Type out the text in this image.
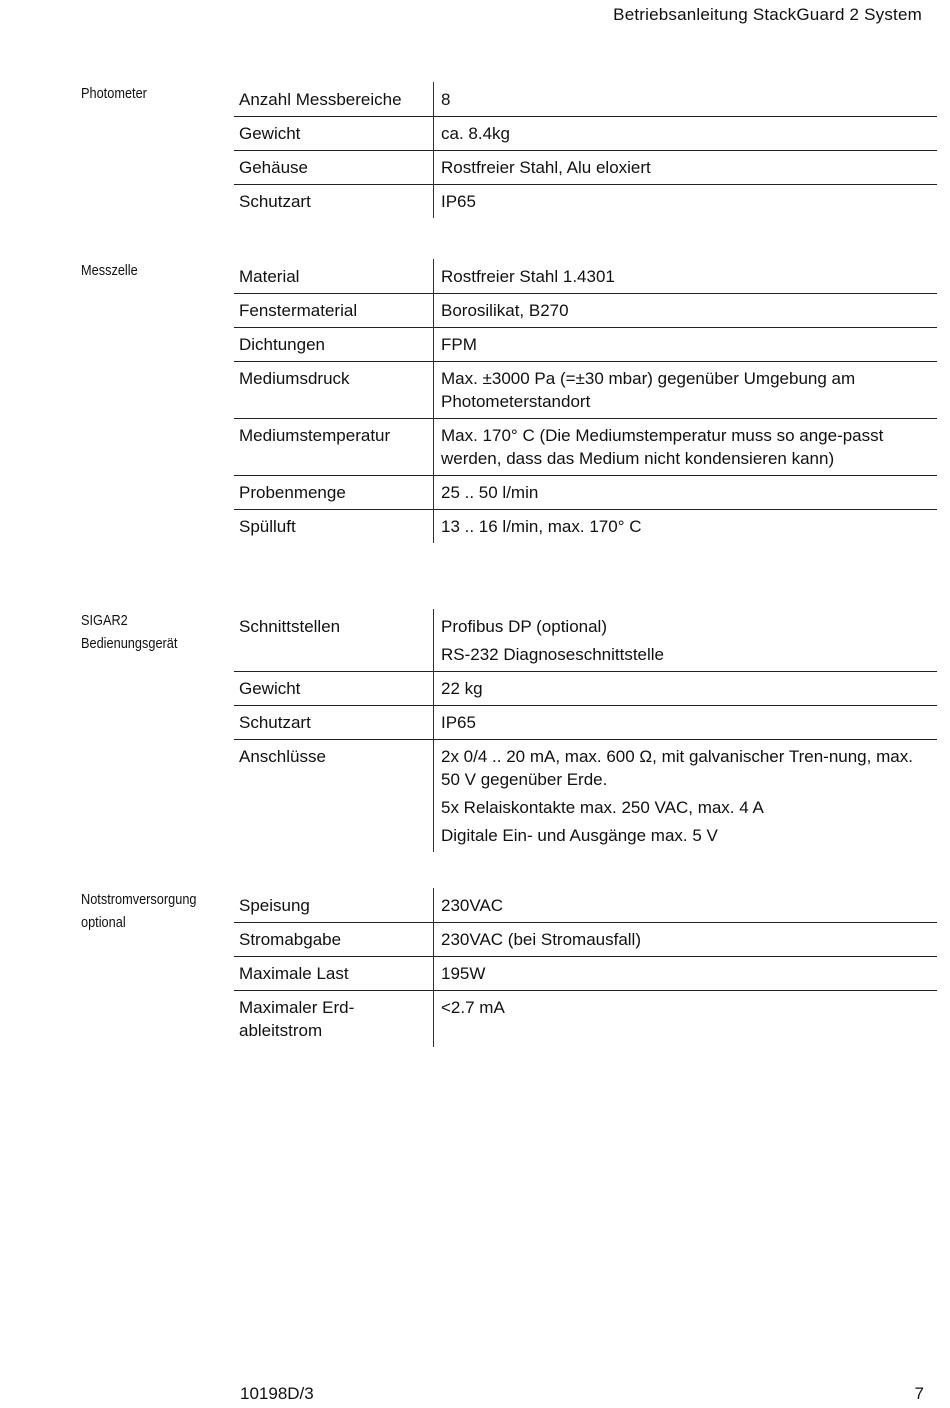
Betriebsanleitung StackGuard 2 System
Photometer	Anzahl Messbereiche	8

Gewicht	ca. 8.4kg

Gehäuse	Rostfreier Stahl, Alu eloxiert

Schutzart	IP65

Messzelle	Material	Rostfreier Stahl 1.4301

Fenstermaterial	Borosilikat, B270

Dichtungen	FPM

Mediumsdruck	Max. ±3000 Pa (=±30 mbar) gegenüber Umgebung am Photometerstandort

Mediumstemperatur	Max. 170° C (Die Mediumstemperatur muss so ange-passt werden, dass das Medium nicht kondensieren kann)

Probenmenge	25 .. 50 l/min

Spülluft	13 .. 16 l/min, max. 170° C

SIGAR2
Bedienungsgerät
Schnittstellen	Profibus DP (optional)

RS-232 Diagnoseschnittstelle

Gewicht	22 kg

Schutzart	IP65

Anschlüsse	2x 0/4 .. 20 mA, max. 600 Ω, mit galvanischer Tren-nung, max. 50 V gegenüber Erde.

5x Relaiskontakte max. 250 VAC, max. 4 A

Digitale Ein- und Ausgänge max. 5 V

Notstromversorgung
optional
Speisung	230VAC

Stromabgabe	230VAC (bei Stromausfall)

Maximale Last	195W

Maximaler Erd-ableitstrom	<2.7 mA

10198D/3	7
